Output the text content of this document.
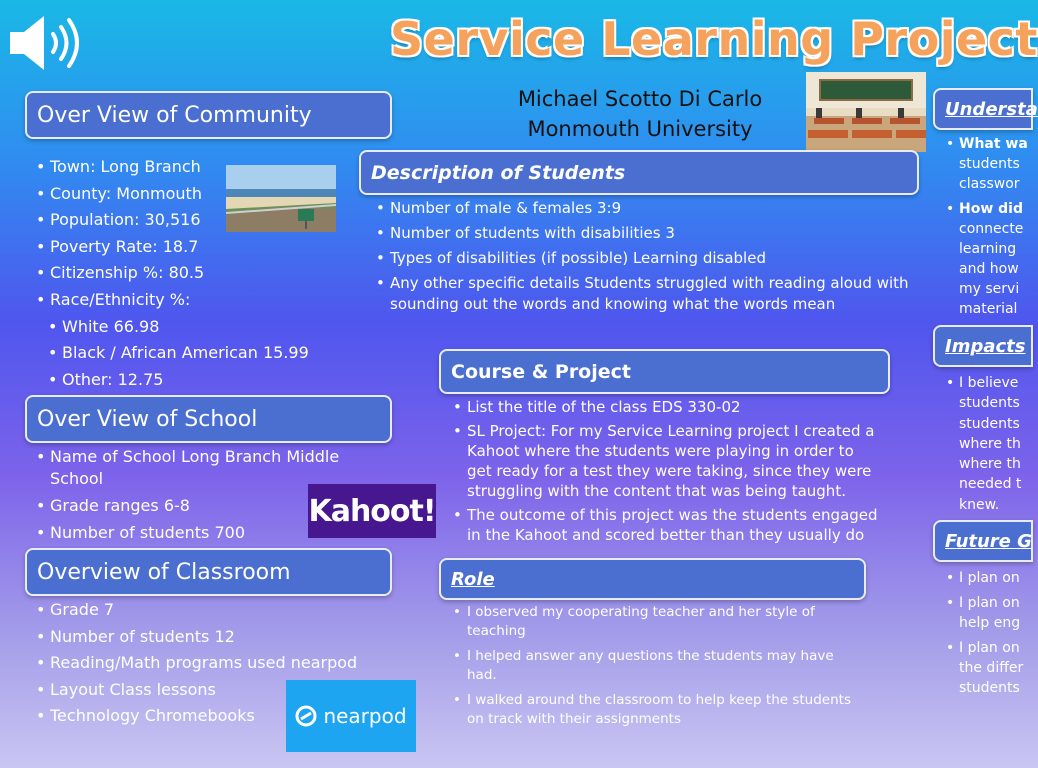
Service Learning Project
Michael Scotto Di Carlo
Monmouth University
Over View of Community
• Town: Long Branch
• County: Monmouth
• Population: 30,516
• Poverty Rate: 18.7
• Citizenship %: 80.5
• Race/Ethnicity %:
• White 66.98
• Black / African American 15.99
• Other: 12.75
Over View of School
• Name of School Long Branch Middle School
• Grade ranges 6-8
• Number of students 700
Kahoot!
Overview of Classroom
• Grade 7
• Number of students 12
• Reading/Math programs used nearpod
• Layout Class lessons
• Technology Chromebooks	nearpod
Description of Students
• Number of male & females 3:9
• Number of students with disabilities 3
• Types of disabilities (if possible) Learning disabled
• Any other specific details Students struggled with reading aloud with sounding out the words and knowing what the words mean
Course & Project
• List the title of the class EDS 330-02
• SL Project: For my Service Learning project I created a Kahoot where the students were playing in order to get ready for a test they were taking, since they were struggling with the content that was being taught.
• The outcome of this project was the students engaged in the Kahoot and scored better than they usually do
Role
• I observed my cooperating teacher and her style of teaching
• I helped answer any questions the students may have had.
• I walked around the classroom to help keep the students on track with their assignments
Understa
• What wa
students
classwor
• How did
connecte
learning
and how
my servi
material
Impacts
• I believe
students
students
where th
where th
needed t
knew.
Future G
• I plan on
• I plan on
help eng
• I plan on
the differ
students
